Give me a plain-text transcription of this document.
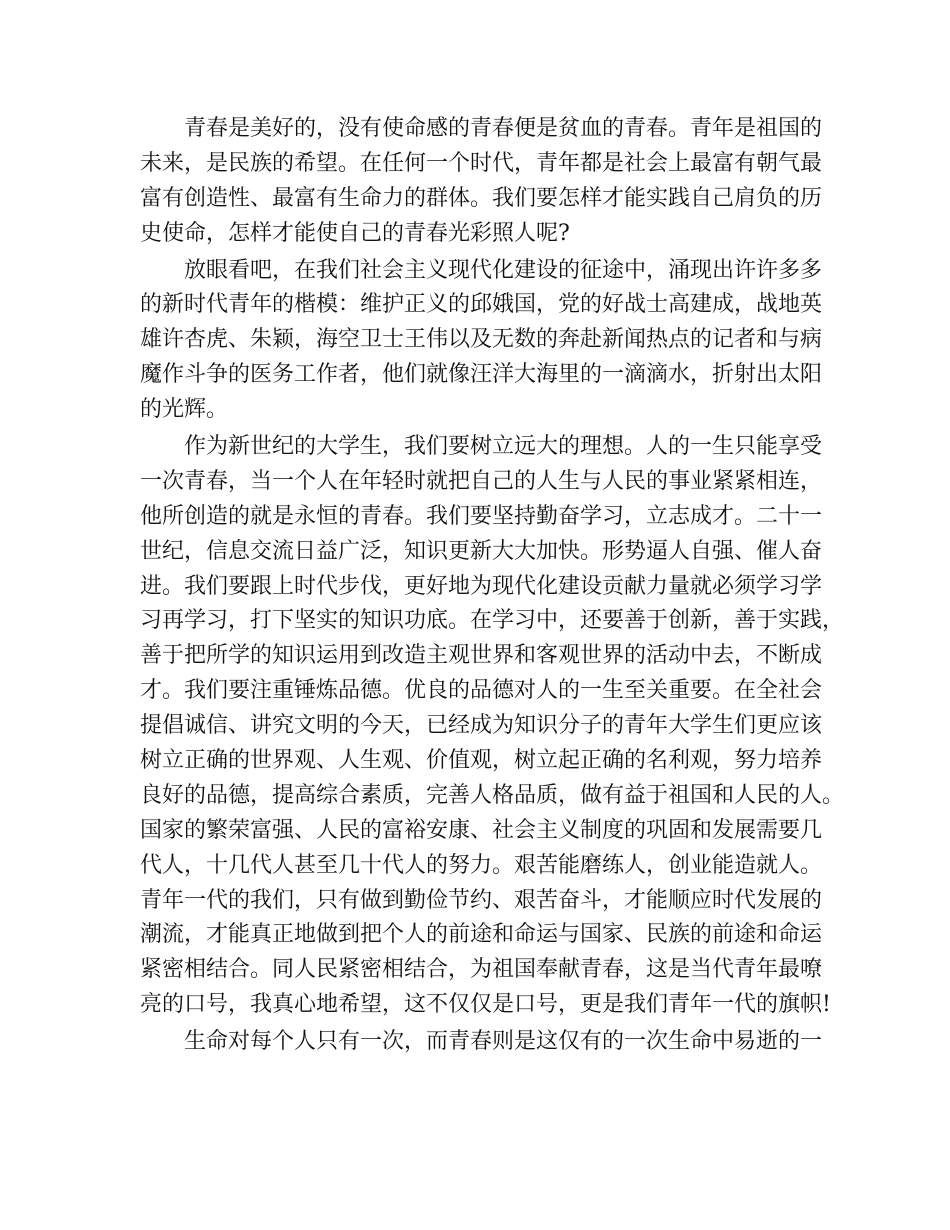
青春是美好的，没有使命感的青春便是贫血的青春。青年是祖国的
未来，是民族的希望。在任何一个时代，青年都是社会上最富有朝气最
富有创造性、最富有生命力的群体。我们要怎样才能实践自己肩负的历
史使命，怎样才能使自己的青春光彩照人呢?
放眼看吧，在我们社会主义现代化建设的征途中，涌现出许许多多
的新时代青年的楷模：维护正义的邱娥国，党的好战士高建成，战地英
雄许杏虎、朱颖，海空卫士王伟以及无数的奔赴新闻热点的记者和与病
魔作斗争的医务工作者，他们就像汪洋大海里的一滴滴水，折射出太阳
的光辉。
作为新世纪的大学生，我们要树立远大的理想。人的一生只能享受
一次青春，当一个人在年轻时就把自己的人生与人民的事业紧紧相连，
他所创造的就是永恒的青春。我们要坚持勤奋学习，立志成才。二十一
世纪，信息交流日益广泛，知识更新大大加快。形势逼人自强、催人奋
进。我们要跟上时代步伐，更好地为现代化建设贡献力量就必须学习学
习再学习，打下坚实的知识功底。在学习中，还要善于创新，善于实践，
善于把所学的知识运用到改造主观世界和客观世界的活动中去，不断成
才。我们要注重锤炼品德。优良的品德对人的一生至关重要。在全社会
提倡诚信、讲究文明的今天，已经成为知识分子的青年大学生们更应该
树立正确的世界观、人生观、价值观，树立起正确的名利观，努力培养
良好的品德，提高综合素质，完善人格品质，做有益于祖国和人民的人。
国家的繁荣富强、人民的富裕安康、社会主义制度的巩固和发展需要几
代人，十几代人甚至几十代人的努力。艰苦能磨练人，创业能造就人。
青年一代的我们，只有做到勤俭节约、艰苦奋斗，才能顺应时代发展的
潮流，才能真正地做到把个人的前途和命运与国家、民族的前途和命运
紧密相结合。同人民紧密相结合，为祖国奉献青春，这是当代青年最嘹
亮的口号，我真心地希望，这不仅仅是口号，更是我们青年一代的旗帜!
生命对每个人只有一次，而青春则是这仅有的一次生命中易逝的一
